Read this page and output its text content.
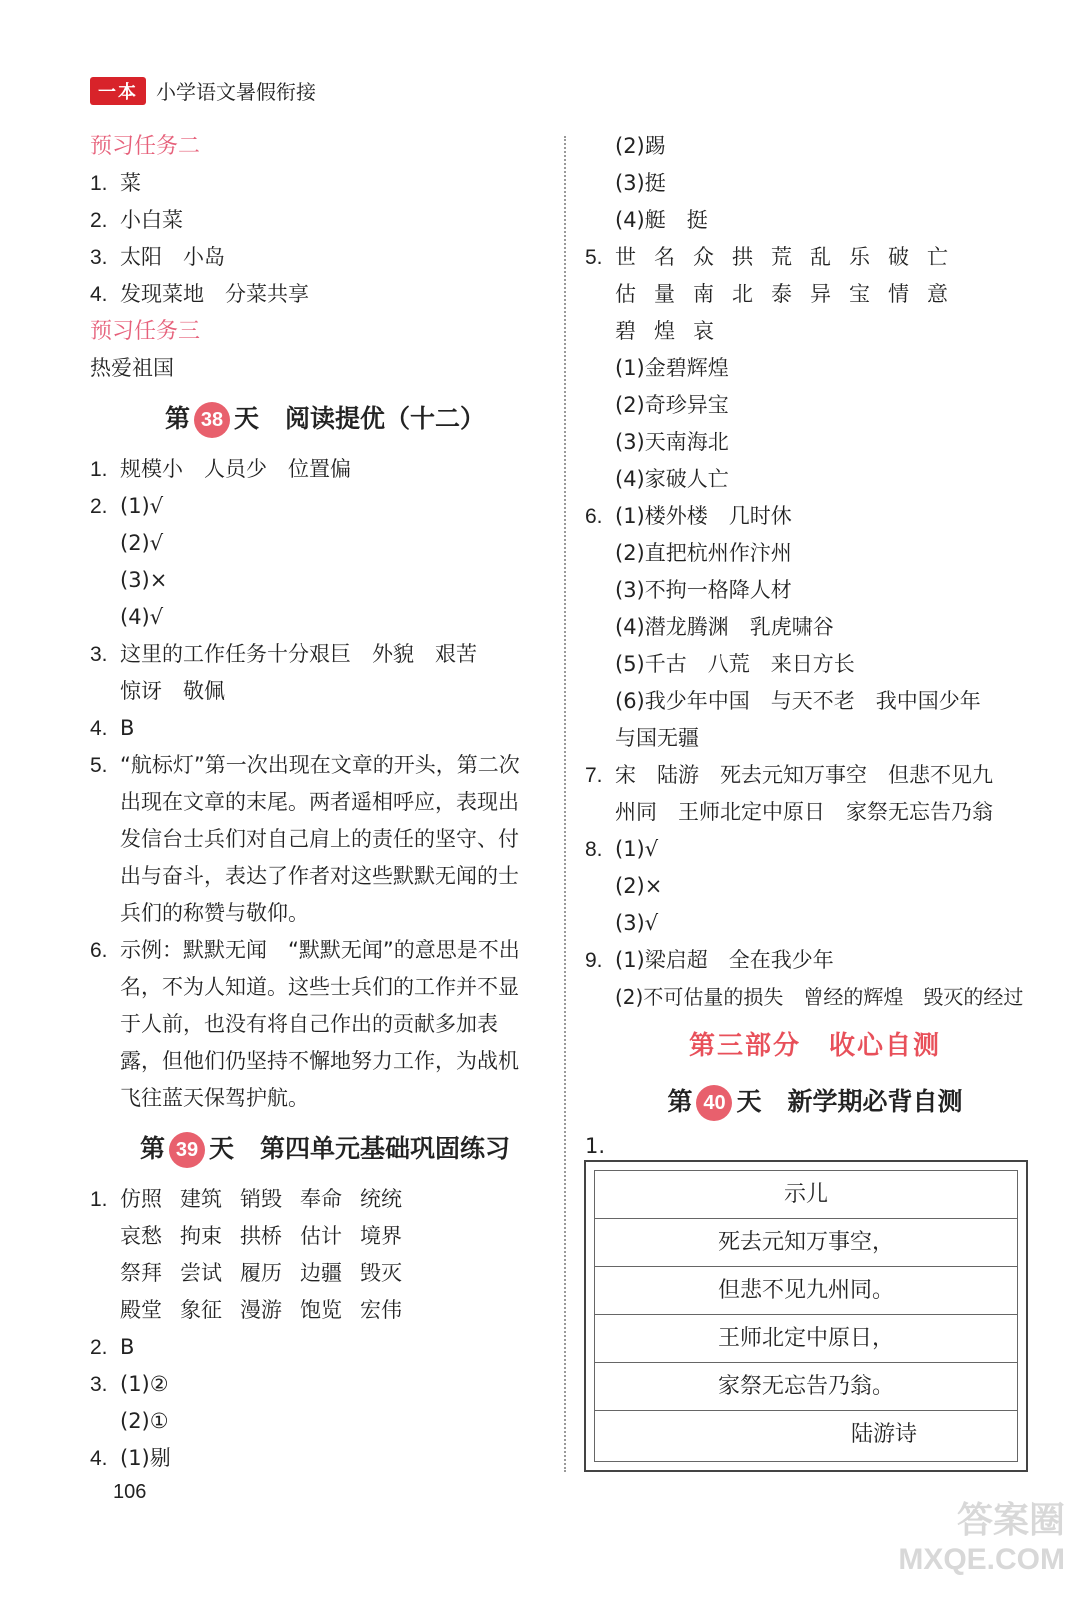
一本 小学语文暑假衔接
预习任务二
1. 菜
2. 小白菜
3. 太阳　小岛
4. 发现菜地　分菜共享
预习任务三
热爱祖国
第 38 天 阅读提优（十二）
1. 规模小　人员少　位置偏
2. (1)√
(2)√
(3)×
(4)√
3. 这里的工作任务十分艰巨　外貌　艰苦
惊讶　敬佩
4. B
5. “航标灯”第一次出现在文章的开头，第二次
出现在文章的末尾。两者遥相呼应，表现出
发信台士兵们对自己肩上的责任的坚守、付
出与奋斗，表达了作者对这些默默无闻的士
兵们的称赞与敬仰。
6. 示例：默默无闻　“默默无闻”的意思是不出
名，不为人知道。这些士兵们的工作并不显
于人前，也没有将自己作出的贡献多加表
露，但他们仍坚持不懈地努力工作，为战机
飞往蓝天保驾护航。
第 39 天 第四单元基础巩固练习
1. 仿照 建筑 销毁 奉命 统统
哀愁 拘束 拱桥 估计 境界
祭拜 尝试 履历 边疆 毁灭
殿堂 象征 漫游 饱览 宏伟
2. B
3. (1)②
(2)①
4. (1)剔
(2)踢
(3)挺
(4)艇　挺
5. 世 名 众 拱 荒 乱 乐 破 亡
估 量 南 北 泰 异 宝 情 意
碧 煌 哀
(1)金碧辉煌
(2)奇珍异宝
(3)天南海北
(4)家破人亡
6. (1)楼外楼　几时休
(2)直把杭州作汴州
(3)不拘一格降人材
(4)潜龙腾渊　乳虎啸谷
(5)千古　八荒　来日方长
(6)我少年中国　与天不老　我中国少年
与国无疆
7. 宋　陆游　死去元知万事空　但悲不见九
州同　王师北定中原日　家祭无忘告乃翁
8. (1)√
(2)×
(3)√
9. (1)梁启超　全在我少年
(2)不可估量的损失　曾经的辉煌　毁灭的经过
第三部分　收心自测
第 40 天 新学期必背自测
1.
示儿
死去元知万事空，
但悲不见九州同。
王师北定中原日，
家祭无忘告乃翁。
陆游诗
106
答案圈
MXQE.COM
